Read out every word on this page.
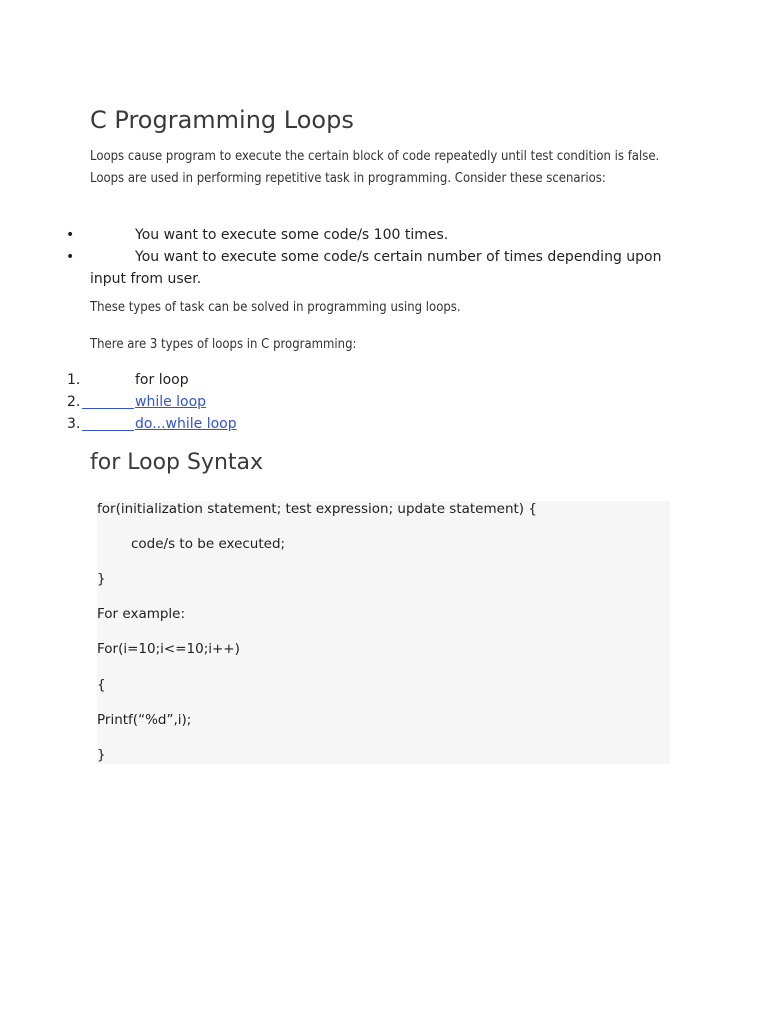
C Programming Loops
Loops cause program to execute the certain block of code repeatedly until test condition is false. Loops are used in performing repetitive task in programming. Consider these scenarios:
•	You want to execute some code/s 100 times.
•	You want to execute some code/s certain number of times depending upon
input from user.
These types of task can be solved in programming using loops.
There are 3 types of loops in C programming:
1.	for loop
2.	while loop
3.	do...while loop
for Loop Syntax
for(initialization statement; test expression; update statement) {
code/s to be executed;
}
For example:
For(i=10;i<=10;i++)
{
Printf(“%d”,i);
}
